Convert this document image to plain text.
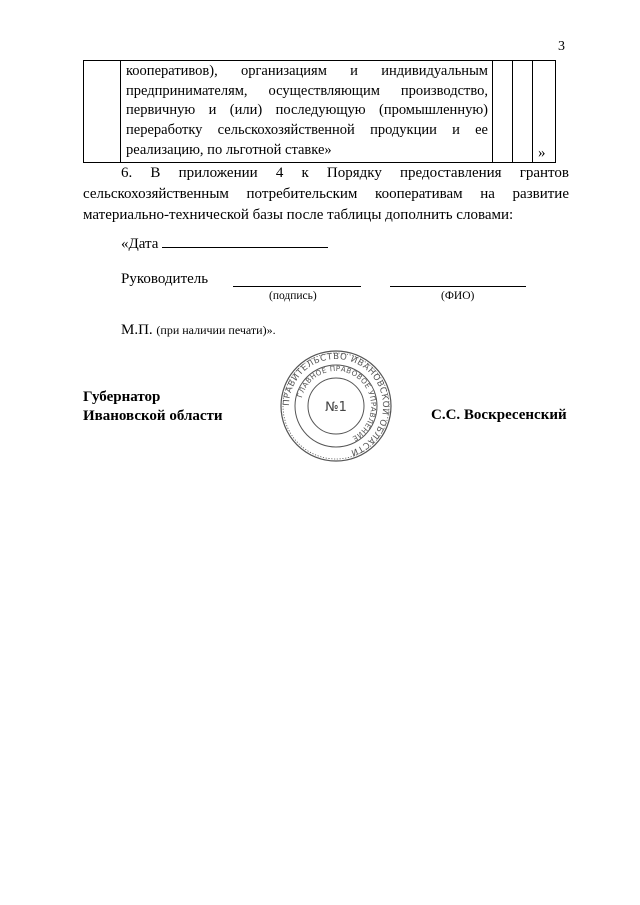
3

кооперативов), организациям и индивидуальным
предпринимателям, осуществляющим производство,
первичную и (или) последующую (промышленную)
переработку сельскохозяйственной продукции и ее
реализацию, по льготной ставке»			»
6. В приложении 4 к Порядку предоставления грантов
сельскохозяйственным потребительским кооперативам на развитие
материально-технической базы после таблицы дополнить словами:
«Дата
Руководитель
(подпись)	(ФИО)
М.П. (при наличии печати)».
Губернатор
Ивановской области	С.С. Воскресенский
ПРАВИТЕЛЬСТВО ИВАНОВСКОЙ ОБЛАСТИ
ГЛАВНОЕ ПРАВОВОЕ УПРАВЛЕНИЕ
№1
